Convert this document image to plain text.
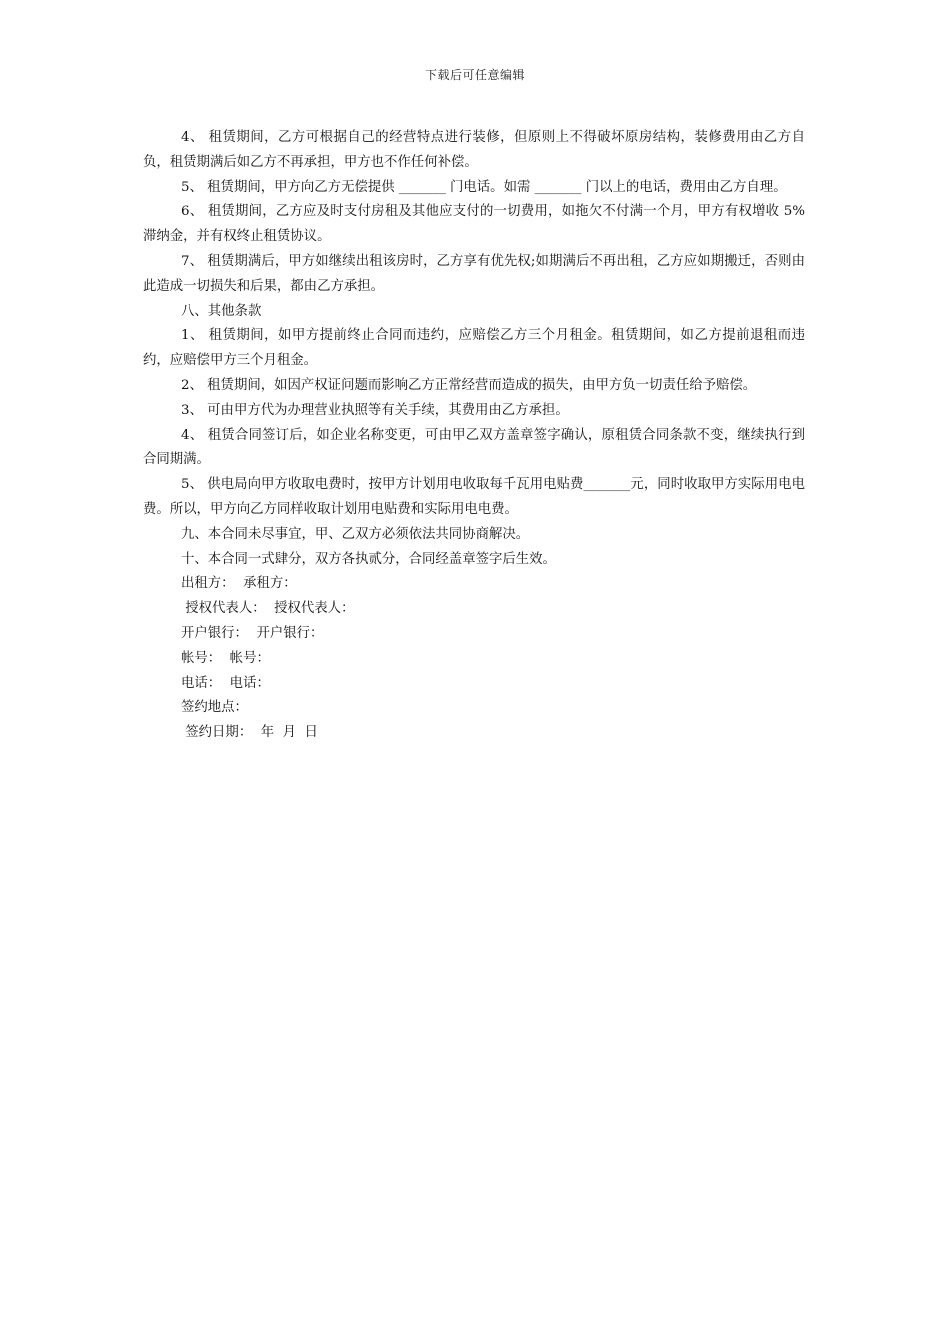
下载后可任意编辑

4、 租赁期间，乙方可根据自己的经营特点进行装修，但原则上不得破坏原房结构，装修费用由乙方自负，租赁期满后如乙方不再承担，甲方也不作任何补偿。

5、 租赁期间，甲方向乙方无偿提供 _______ 门电话。如需 _______ 门以上的电话，费用由乙方自理。

6、 租赁期间，乙方应及时支付房租及其他应支付的一切费用，如拖欠不付满一个月，甲方有权增收 5%滞纳金，并有权终止租赁协议。

7、 租赁期满后，甲方如继续出租该房时，乙方享有优先权;如期满后不再出租，乙方应如期搬迁，否则由此造成一切损失和后果，都由乙方承担。

八、其他条款

1、 租赁期间，如甲方提前终止合同而违约，应赔偿乙方三个月租金。租赁期间，如乙方提前退租而违约，应赔偿甲方三个月租金。

2、 租赁期间，如因产权证问题而影响乙方正常经营而造成的损失，由甲方负一切责任给予赔偿。

3、 可由甲方代为办理营业执照等有关手续，其费用由乙方承担。

4、 租赁合同签订后，如企业名称变更，可由甲乙双方盖章签字确认，原租赁合同条款不变，继续执行到合同期满。

5、 供电局向甲方收取电费时，按甲方计划用电收取每千瓦用电贴费_______元，同时收取甲方实际用电电费。所以，甲方向乙方同样收取计划用电贴费和实际用电电费。

九、本合同未尽事宜，甲、乙双方必须依法共同协商解决。

十、本合同一式肆分，双方各执贰分，合同经盖章签字后生效。

出租方：  承租方：

授权代表人：  授权代表人：

开户银行：  开户银行：

帐号：  帐号：

电话：  电话：

签约地点：

签约日期：  年  月  日
